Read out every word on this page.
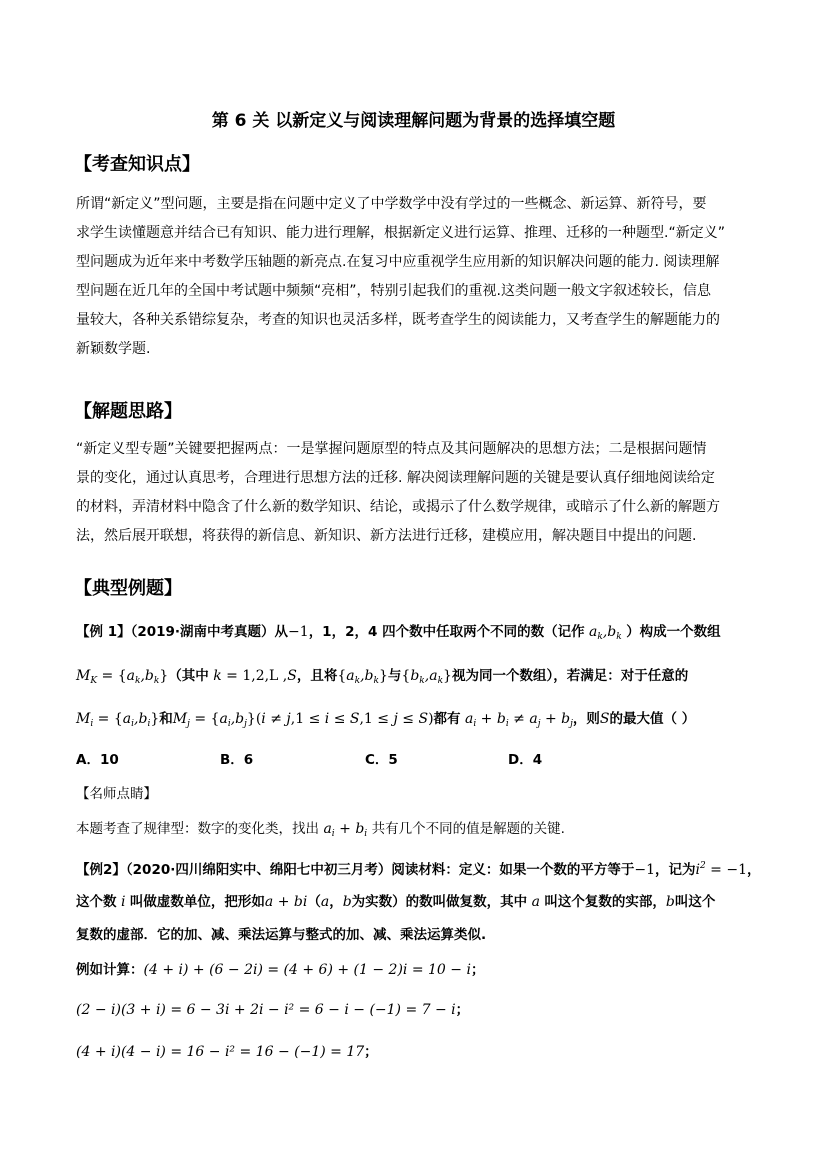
第 6 关 以新定义与阅读理解问题为背景的选择填空题
【考查知识点】

所谓“新定义”型问题，主要是指在问题中定义了中学数学中没有学过的一些概念、新运算、新符号，要

求学生读懂题意并结合已有知识、能力进行理解，根据新定义进行运算、推理、迁移的一种题型.“新定义”

型问题成为近年来中考数学压轴题的新亮点.在复习中应重视学生应用新的知识解决问题的能力. 阅读理解

型问题在近几年的全国中考试题中频频“亮相”，特别引起我们的重视.这类问题一般文字叙述较长，信息

量较大，各种关系错综复杂，考查的知识也灵活多样，既考查学生的阅读能力，又考查学生的解题能力的

新颖数学题.

【解题思路】

“新定义型专题”关键要把握两点：一是掌握问题原型的特点及其问题解决的思想方法；二是根据问题情

景的变化，通过认真思考，合理进行思想方法的迁移. 解决阅读理解问题的关键是要认真仔细地阅读给定

的材料，弄清材料中隐含了什么新的数学知识、结论，或揭示了什么数学规律，或暗示了什么新的解题方

法，然后展开联想，将获得的新信息、新知识、新方法进行迁移，建模应用，解决题目中提出的问题.

【典型例题】
【例 1】（2019·湖南中考真题）从−1，1，2，4 四个数中任取两个不同的数（记作 $a_k,b_k$ ）构成一个数组
$M_K = \{a_k,b_k\}$（其中 k = 1,2,L ,S，且将$\{a_k,b_k\}$与$\{b_k,a_k\}$视为同一个数组），若满足：对于任意的
$M_i = \{a_i,b_i\}$和$M_j = \{a_i,b_j\}(i \ne j,1 \le i \le S,1 \le j \le S)$都有 $a_i + b_i \ne a_j + b_j$，则S的最大值（ ）
A．10	B．6	C．5	D．4
【名师点睛】
本题考查了规律型：数字的变化类，找出 $a_i + b_i$ 共有几个不同的值是解题的关键.
【例2】（2020·四川绵阳实中、绵阳七中初三月考）阅读材料：定义：如果一个数的平方等于−1，记为$i^2 = -1$，
这个数 i 叫做虚数单位，把形如a + bi（a，b为实数）的数叫做复数，其中 a 叫这个复数的实部，b叫这个
复数的虚部．它的加、减、乘法运算与整式的加、减、乘法运算类似.
例如计算：(4 + i) + (6 − 2i) = (4 + 6) + (1 − 2)i = 10 − i；
(2 − i)(3 + i) = 6 − 3i + 2i − i² = 6 − i − (−1) = 7 − i；
(4 + i)(4 − i) = 16 − i² = 16 − (−1) = 17；
